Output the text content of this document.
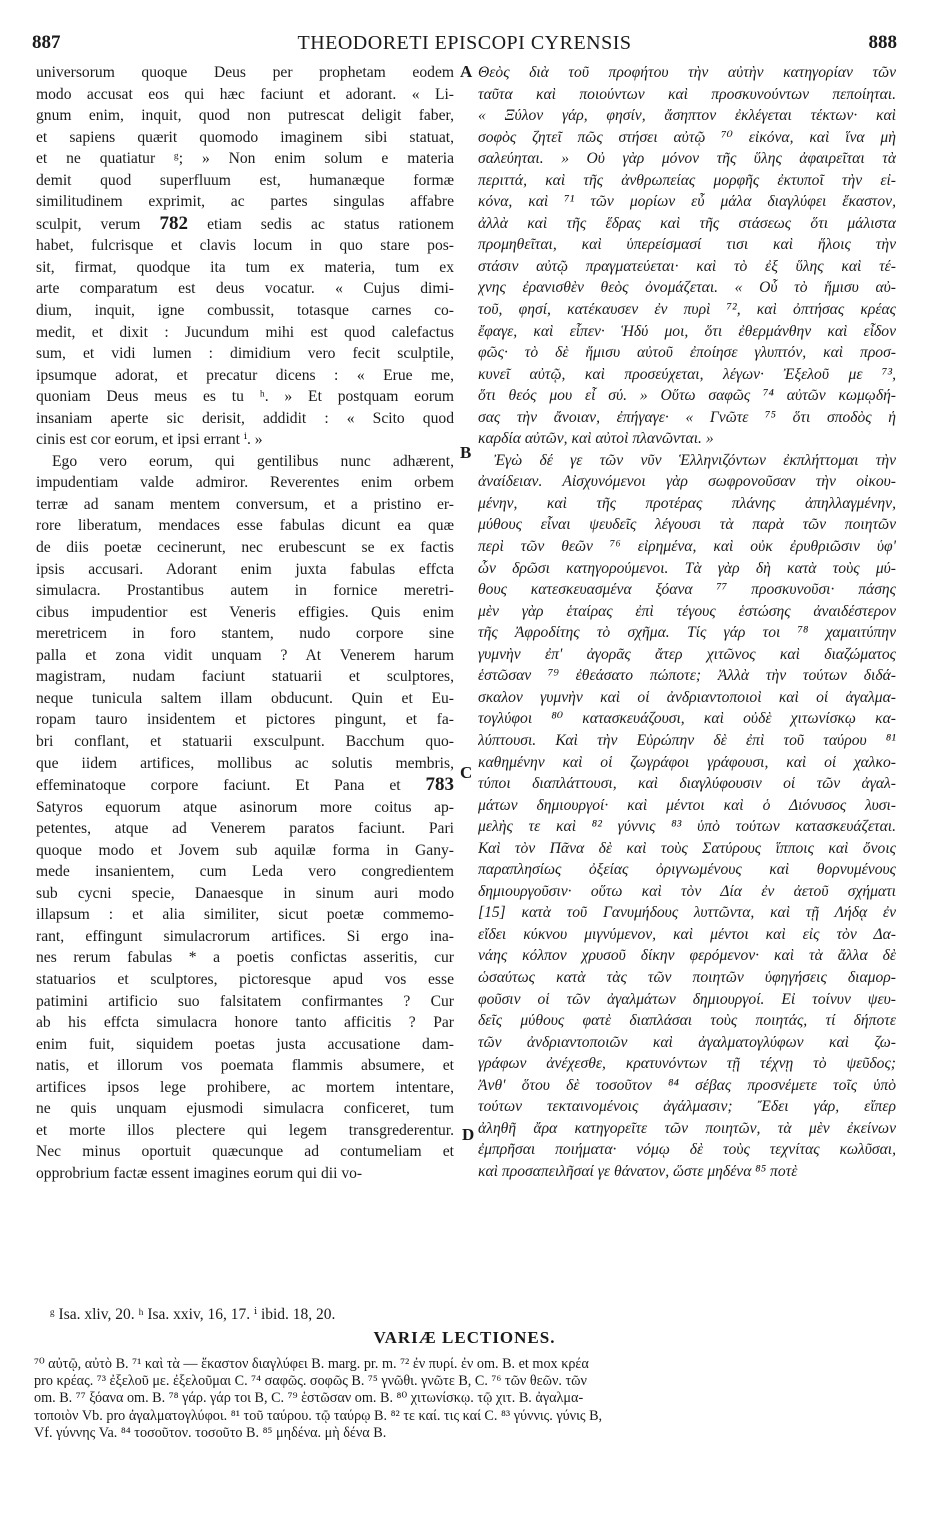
887	THEODORETI EPISCOPI CYRENSIS	888
A
B
C
D
universorum quoque Deus per prophetam eodem
modo accusat eos qui hæc faciunt et adorant. « Li-
gnum enim, inquit, quod non putrescat deligit faber,
et sapiens quærit quomodo imaginem sibi statuat,
et ne quatiatur ᵍ; » Non enim solum e materia
demit quod superfluum est, humanæque formæ
similitudinem exprimit, ac partes singulas affabre
sculpit, verum 782 etiam sedis ac status rationem
habet, fulcrisque et clavis locum in quo stare pos-
sit, firmat, quodque ita tum ex materia, tum ex
arte comparatum est deus vocatur. « Cujus dimi-
dium, inquit, igne combussit, totasque carnes co-
medit, et dixit : Jucundum mihi est quod calefactus
sum, et vidi lumen : dimidium vero fecit sculptile,
ipsumque adorat, et precatur dicens : « Erue me,
quoniam Deus meus es tu ʰ. » Et postquam eorum
insaniam aperte sic derisit, addidit : « Scito quod
cinis est cor eorum, et ipsi errant ⁱ. »
Ego vero eorum, qui gentilibus nunc adhærent,
impudentiam valde admiror. Reverentes enim orbem
terræ ad sanam mentem conversum, et a pristino er-
rore liberatum, mendaces esse fabulas dicunt ea quæ
de diis poetæ cecinerunt, nec erubescunt se ex factis
ipsis accusari. Adorant enim juxta fabulas effcta
simulacra. Prostantibus autem in fornice meretri-
cibus impudentior est Veneris effigies. Quis enim
meretricem in foro stantem, nudo corpore sine
palla et zona vidit unquam ? At Venerem harum
magistram, nudam faciunt statuarii et sculptores,
neque tunicula saltem illam obducunt. Quin et Eu-
ropam tauro insidentem et pictores pingunt, et fa-
bri conflant, et statuarii exsculpunt. Bacchum quo-
que iidem artifices, mollibus ac solutis membris,
effeminatoque corpore faciunt. Et Pana et 783
Satyros equorum atque asinorum more coitus ap-
petentes, atque ad Venerem paratos faciunt. Pari
quoque modo et Jovem sub aquilæ forma in Gany-
mede insanientem, cum Leda vero congredientem
sub cycni specie, Danaesque in sinum auri modo
illapsum : et alia similiter, sicut poetæ commemo-
rant, effingunt simulacrorum artifices. Si ergo ina-
nes rerum fabulas * a poetis confictas asseritis, cur
statuarios et sculptores, pictoresque apud vos esse
patimini artificio suo falsitatem confirmantes ? Cur
ab his effcta simulacra honore tanto afficitis ? Par
enim fuit, siquidem poetas justa accusatione dam-
natis, et illorum vos poemata flammis absumere, et
artifices ipsos lege prohibere, ac mortem intentare,
ne quis unquam ejusmodi simulacra conficeret, tum
et morte illos plectere qui legem transgrederentur.
Nec minus oportuit quæcunque ad contumeliam et
opprobrium factæ essent imagines eorum qui dii vo-
Θεὸς διὰ τοῦ προφήτου τὴν αὐτὴν κατηγορίαν τῶν
ταῦτα καὶ ποιούντων καὶ προσκυνούντων πεποίηται.
« Ξύλον γάρ, φησίν, ἄσηπτον ἐκλέγεται τέκτων· καὶ
σοφὸς ζητεῖ πῶς στήσει αὐτῷ ⁷⁰ εἰκόνα, καὶ ἵνα μὴ
σαλεύηται. » Οὐ γὰρ μόνον τῆς ὕλης ἀφαιρεῖται τὰ
περιττά, καὶ τῆς ἀνθρωπείας μορφῆς ἐκτυποῖ τὴν εἰ-
κόνα, καὶ ⁷¹ τῶν μορίων εὖ μάλα διαγλύφει ἕκαστον,
ἀλλὰ καὶ τῆς ἕδρας καὶ τῆς στάσεως ὅτι μάλιστα
προμηθεῖται, καὶ ὑπερείσμασί τισι καὶ ἥλοις τὴν
στάσιν αὐτῷ πραγματεύεται· καὶ τὸ ἐξ ὕλης καὶ τέ-
χνης ἐρανισθὲν θεὸς ὀνομάζεται. « Οὗ τὸ ἥμισυ αὐ-
τοῦ, φησί, κατέκαυσεν ἐν πυρὶ ⁷², καὶ ὀπτήσας κρέας
ἔφαγε, καὶ εἶπεν· Ἡδύ μοι, ὅτι ἐθερμάνθην καὶ εἶδον
φῶς· τὸ δὲ ἥμισυ αὐτοῦ ἐποίησε γλυπτόν, καὶ προσ-
κυνεῖ αὐτῷ, καὶ προσεύχεται, λέγων· Ἐξελοῦ με ⁷³,
ὅτι θεός μου εἶ σύ. » Οὕτω σαφῶς ⁷⁴ αὐτῶν κωμῳδή-
σας τὴν ἄνοιαν, ἐπήγαγε· « Γνῶτε ⁷⁵ ὅτι σποδὸς ἡ
καρδία αὐτῶν, καὶ αὐτοὶ πλανῶνται. »
Ἐγὼ δέ γε τῶν νῦν Ἑλληνιζόντων ἐκπλήττομαι τὴν
ἀναίδειαν. Αἰσχυνόμενοι γὰρ σωφρονοῦσαν τὴν οἰκου-
μένην, καὶ τῆς προτέρας πλάνης ἀπηλλαγμένην,
μύθους εἶναι ψευδεῖς λέγουσι τὰ παρὰ τῶν ποιητῶν
περὶ τῶν θεῶν ⁷⁶ εἰρημένα, καὶ οὐκ ἐρυθριῶσιν ὑφ'
ὧν δρῶσι κατηγορούμενοι. Τὰ γὰρ δὴ κατὰ τοὺς μύ-
θους κατεσκευασμένα ξόανα ⁷⁷ προσκυνοῦσι· πάσης
μὲν γὰρ ἑταίρας ἐπὶ τέγους ἑστώσης ἀναιδέστερον
τῆς Ἀφροδίτης τὸ σχῆμα. Τίς γάρ τοι ⁷⁸ χαμαιτύπην
γυμνὴν ἐπ' ἀγορᾶς ἄτερ χιτῶνος καὶ διαζώματος
ἑστῶσαν ⁷⁹ ἐθεάσατο πώποτε; Ἀλλὰ τὴν τούτων διδά-
σκαλον γυμνὴν καὶ οἱ ἀνδριαντοποιοὶ καὶ οἱ ἀγαλμα-
τογλύφοι ⁸⁰ κατασκευάζουσι, καὶ οὐδὲ χιτωνίσκῳ κα-
λύπτουσι. Καὶ τὴν Εὐρώπην δὲ ἐπὶ τοῦ ταύρου ⁸¹
καθημένην καὶ οἱ ζωγράφοι γράφουσι, καὶ οἱ χαλκο-
τύποι διαπλάττουσι, καὶ διαγλύφουσιν οἱ τῶν ἀγαλ-
μάτων δημιουργοί· καὶ μέντοι καὶ ὁ Διόνυσος λυσι-
μελὴς τε καὶ ⁸² γύννις ⁸³ ὑπὸ τούτων κατασκευάζεται.
Καὶ τὸν Πᾶνα δὲ καὶ τοὺς Σατύρους ἵπποις καὶ ὄνοις
παραπλησίως ὀξείας ὀριγνωμένους καὶ θορνυμένους
δημιουργοῦσιν· οὕτω καὶ τὸν Δία ἐν ἀετοῦ σχήματι
[15] κατὰ τοῦ Γανυμήδους λυττῶντα, καὶ τῇ Λήδᾳ ἐν
εἴδει κύκνου μιγνύμενον, καὶ μέντοι καὶ εἰς τὸν Δα-
νάης κόλπον χρυσοῦ δίκην φερόμενον· καὶ τὰ ἄλλα δὲ
ὡσαύτως κατὰ τὰς τῶν ποιητῶν ὑφηγήσεις διαμορ-
φοῦσιν οἱ τῶν ἀγαλμάτων δημιουργοί. Εἰ τοίνυν ψευ-
δεῖς μύθους φατὲ διαπλάσαι τοὺς ποιητάς, τί δήποτε
τῶν ἀνδριαντοποιῶν καὶ ἀγαλματογλύφων καὶ ζω-
γράφων ἀνέχεσθε, κρατυνόντων τῇ τέχνῃ τὸ ψεῦδος;
Ἀνθ' ὅτου δὲ τοσοῦτον ⁸⁴ σέβας προσνέμετε τοῖς ὑπὸ
τούτων τεκταινομένοις ἀγάλμασιν; Ἔδει γάρ, εἴπερ
ἀληθῆ ἄρα κατηγορεῖτε τῶν ποιητῶν, τὰ μὲν ἐκείνων
ἐμπρῆσαι ποιήματα· νόμῳ δὲ τοὺς τεχνίτας κωλῦσαι,
καὶ προσαπειλῆσαί γε θάνατον, ὥστε μηδένα ⁸⁵ ποτὲ
ᵍ Isa. xliv, 20. ʰ Isa. xxiv, 16, 17. ⁱ ibid. 18, 20.
VARIÆ LECTIONES.
⁷⁰ αὐτῷ, αὐτὸ B. ⁷¹ καὶ τὰ — ἕκαστον διαγλύφει B. marg. pr. m. ⁷² ἐν πυρί. ἐν om. B. et mox κρέα
pro κρέας. ⁷³ ἐξελοῦ με. ἐξελοῦμαι C. ⁷⁴ σαφῶς. σοφῶς B. ⁷⁵ γνῶθι. γνῶτε B, C. ⁷⁶ τῶν θεῶν. τῶν
om. B. ⁷⁷ ξόανα om. B. ⁷⁸ γάρ. γάρ τοι B, C. ⁷⁹ ἑστῶσαν om. B. ⁸⁰ χιτωνίσκῳ. τῷ χιτ. B. ἀγαλμα-
τοποιὸν Vb. pro ἀγαλματογλύφοι. ⁸¹ τοῦ ταύρου. τῷ ταύρῳ B. ⁸² τε καί. τις καί C. ⁸³ γύννις. γύνις B,
Vf. γύννης Va. ⁸⁴ τοσοῦτον. τοσοῦτο B. ⁸⁵ μηδένα. μὴ δένα B.
